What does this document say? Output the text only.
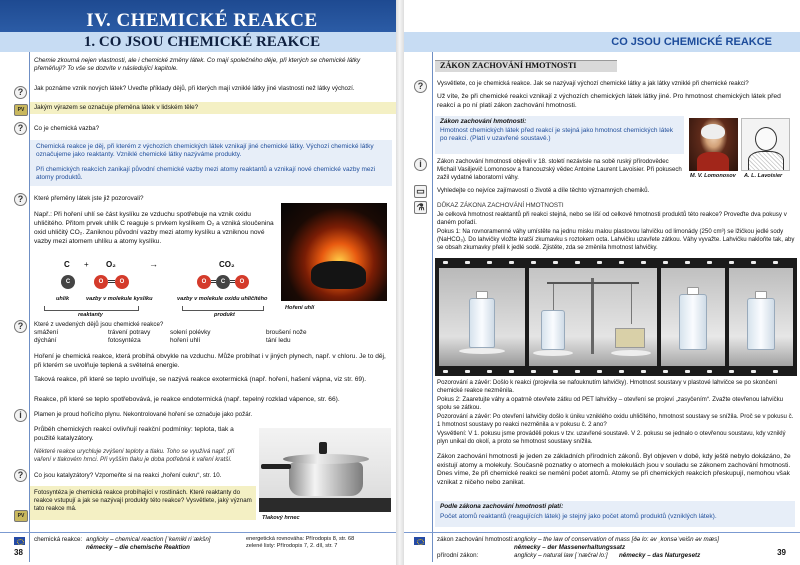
IV. CHEMICKÉ REAKCE
1. CO JSOU CHEMICKÉ REAKCE

Chemie zkoumá nejen vlastnosti, ale i chemické změny látek. Co mají společného děje, při kterých se chemické látky přeměňují? To vše se dozvíte v následující kapitole.

?	Jak poznáme vznik nových látek? Uveďte příklady dějů, při kterých mají vzniklé látky jiné vlastnosti než látky výchozí.

PV	Jakým výrazem se označuje přeměna látek v lidském těle?

?	Co je chemická vazba?

Chemická reakce je děj, při kterém z výchozích chemických látek vznikají jiné chemické látky. Výchozí chemické látky označujeme jako reaktanty. Vzniklé chemické látky nazýváme produkty.

Při chemických reakcích zanikají původní chemické vazby mezi atomy reaktantů a vznikají nové chemické vazby mezi atomy produktů.

?	Které přeměny látek jste již pozorovali?

Např.: Při hoření uhlí se část kyslíku ze vzduchu spotřebuje na vznik oxidu uhličitého. Přitom prvek uhlík C reaguje s prvkem kyslíkem O₂ a vzniká sloučenina oxid uhličitý CO₂. Zaniknou původní vazby mezi atomy kyslíku a vzniknou nové vazby mezi atomem uhlíku a atomy kyslíku.

C + O₂	→	CO₂
C	O	O	O	C	O
uhlík	vazby v molekule kyslíku	vazby v molekule oxidu uhličitého
reaktanty	produkt
Hoření uhlí
?	Které z uvedených dějů jsou chemické reakce?

smážení	trávení potravy	solení polévky	broušení nože
dýchání	fotosyntéza	hoření uhlí	tání ledu

Hoření je chemická reakce, která probíhá obvykle na vzduchu. Může probíhat i v jiných plynech, např. v chloru. Je to děj, při kterém se uvolňuje teplená a světelná energie.

Taková reakce, při které se teplo uvolňuje, se nazývá reakce exotermická (např. hoření, hašení vápna, viz str. 69).

Reakce, při které se teplo spotřebovává, je reakce endotermická (např. tepelný rozklad vápence, str. 66).

i	Plamen je proud hořícího plynu. Nekontrolované hoření se označuje jako požár.

Průběh chemických reakcí ovlivňují reakční podmínky: teplota, tlak a použité katalyzátory.

Některé reakce urychluje zvýšení teploty a tlaku. Toho se využívá např. při vaření v tlakovém hrnci. Při vyšším tlaku je doba potřebná k vaření kratší.

?	Co jsou katalyzátory? Vzpomeňte si na reakci „hoření cukru“, str. 10.

PV

Fotosyntéza je chemická reakce probíhající v rostlinách. Které reaktanty do reakce vstupují a jak se nazývají produkty této reakce? Vysvětlete, jaký význam tato reakce má.

Tlakový hrnec
chemická reakce: anglicky – chemical reaction [ˈkemikl riˈækšn]
německy – die chemische Reaktion
energetická rovnováha: Přírodopis 8, str. 68
zelené listy: Přírodopis 7, 2. díl, str. 7
38
CO JSOU CHEMICKÉ REAKCE
ZÁKON ZACHOVÁNÍ HMOTNOSTI
?	Vysvětlete, co je chemická reakce. Jak se nazývají výchozí chemické látky a jak látky vzniklé při chemické reakci?

Už víte, že při chemické reakci vznikají z výchozích chemických látek látky jiné. Pro hmotnost chemických látek před reakcí a po ní platí zákon zachování hmotnosti.

Zákon zachování hmotnosti:

Hmotnost chemických látek před reakcí je stejná jako hmotnost chemických látek po reakci. (Platí v uzavřené soustavě.)

M. V. Lomonosov A. L. Lavoisier
i	Zákon zachování hmotnosti objevili v 18. století nezávisle na sobě ruský přírodovědec Michail Vasiljevič Lomonosov a francouzský vědec Antoine Laurent Lavoisier. Při pokusech zažil vydatné laboratorní váhy.

▭	Vyhledejte co nejvíce zajímavostí o životě a díle těchto významných chemiků.

⚗	DŮKAZ ZÁKONA ZACHOVÁNÍ HMOTNOSTI

Je celková hmotnost reaktantů při reakci stejná, nebo se liší od celkové hmotnosti produktů této reakce? Proveďte dva pokusy v daném pořadí.

Pokus 1: Na rovnoramenné váhy umístěte na jednu misku malou plastovou lahvičku od limonády (250 cm³) se lžičkou jedlé sody (NaHCO₃). Do lahvičky vložte kratší zkumavku s roztokem octa. Lahvičku uzavřete zátkou. Váhy vyvažte. Lahvičku nakloňte tak, aby se obsah zkumavky přelil k jedlé sodě. Zjistěte, zda se změnila hmotnost lahvičky.

Pozorování a závěr: Došlo k reakci (projevila se nafouknutím lahvičky). Hmotnost soustavy v plastové lahvičce se po skončení chemické reakce nezměnila.

Pokus 2: Zaaretujte váhy a opatrně otevřete zátku od PET lahvičky – otevření se projeví „zasyčením“. Zvažte otevřenou lahvičku spolu se zátkou.

Pozorování a závěr: Po otevření lahvičky došlo k úniku vzniklého oxidu uhličitého, hmotnost soustavy se snížila. Proč se v pokusu č. 1 hmotnost soustavy po reakci nezměnila a v pokusu č. 2 ano?

Vysvětlení: V 1. pokusu jsme prováděli pokus v tzv. uzavřené soustavě. V 2. pokusu se jednalo o otevřenou soustavu, kdy vzniklý plyn unikal do okolí, a proto se hmotnost soustavy snížila.

Zákon zachování hmotnosti je jeden ze základních přírodních zákonů. Byl objeven v době, kdy ještě nebylo dokázáno, že existují atomy a molekuly. Současně poznatky o atomech a molekulách jsou v souladu se zákonem zachování hmotnosti. Dnes víme, že při chemické reakci se nemění počet atomů. Atomy se při chemických reakcích přeskupují, nemohou však vznikat z ničeho nebo zanikat.

Podle zákona zachování hmotnosti platí:

Počet atomů reaktantů (reagujících látek) je stejný jako počet atomů produktů (vzniklých látek).

zákon zachování hmotnosti: anglicky – the law of conservation of mass [ðə lo: əv ˌkonsəˈveišn əv mæs]
německy – der Massenerhaltungssatz
přírodní zákon:	anglicky – natural law [ˈnæčrəl lo:] německy – das Naturgesetz	39
